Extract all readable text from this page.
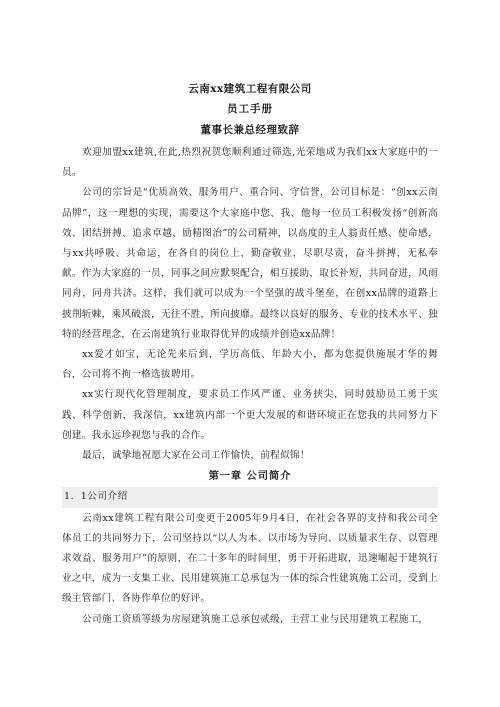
云南xx建筑工程有限公司
员工手册
董事长兼总经理致辞

欢迎加盟xx建筑,在此,热烈祝贺您顺利通过筛选,光荣地成为我们xx大家庭中的一员。

公司的宗旨是“优质高效、服务用户、重合同、守信誉，公司目标是：“创xx云南品牌”，这一理想的实现，需要这个大家庭中您、我、他每一位员工积极发扬“创新高效、团结拼搏、追求卓越、励精图治”的公司精神，以高度的主人翁责任感、使命感，与xx共呼吸、共命运，在各自的岗位上，勤奋敬业，尽职尽责，奋斗拼搏，无私奉献。作为大家庭的一员，同事之间应默契配合，相互援助，取长补短，共同奋进，风雨同舟，同舟共济。这样，我们就可以成为一个坚强的战斗堡垒，在创xx品牌的道路上披荆斩棘，乘风破浪，无往不胜，所向披靡。最终以良好的服务、专业的技术水平、独特的经营理念，在云南建筑行业取得优异的成绩并创造xx品牌！

xx爱才如宝，无论先来后到，学历高低、年龄大小，都为您提供施展才华的舞台，公司将不拘一格选拔聘用。

xx实行现代化管理制度，要求员工作风严谨、业务挟尖，同时鼓励员工勇于实践、科学创新，我深信，xx建筑内部一个更大发展的和谐环境正在您我的共同努力下创建。我永远珍视您与我的合作。

最后，诚挚地祝愿大家在公司工作愉快，前程似锦！

第一章 公司简介
1．1公司介绍

云南xx建筑工程有限公司变更于2005年9月4日，在社会各界的支持和我公司全体员工的共同努力下，公司坚持以“以人为本、以市场为导向、以质量求生存、以管理求效益、服务用户”的原则，在二十多年的时间里，勇于开拓进取，迅速崛起于建筑行业之中，成为一支集工业、民用建筑施工总承包为一体的综合性建筑施工公司，受到上级主管部门、各协作单位的好评。

公司施工资质等级为房屋建筑施工总承包贰级，主营工业与民用建筑工程施工，
